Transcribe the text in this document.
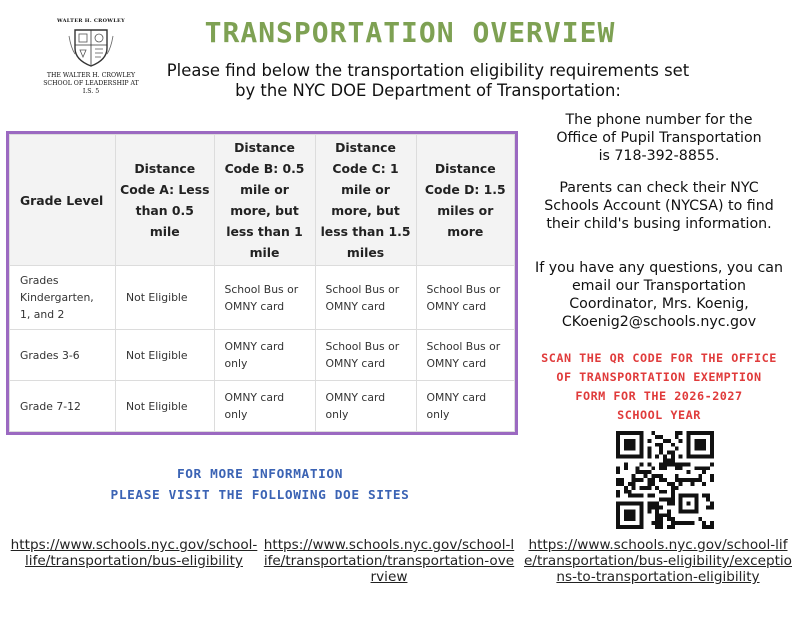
WALTER H. CROWLEY
THE WALTER H. CROWLEY
SCHOOL OF LEADERSHIP AT I.S. 5
TRANSPORTATION OVERVIEW
Please find below the transportation eligibility requirements set
by the NYC DOE Department of Transportation:
Grade Level	Distance Code A: Less than 0.5 mile	Distance Code B: 0.5 mile or more, but less than 1 mile	Distance Code C: 1 mile or more, but less than 1.5 miles	Distance Code D: 1.5 miles or more
Grades Kindergarten, 1, and 2	Not Eligible	School Bus or OMNY card	School Bus or OMNY card	School Bus or OMNY card
Grades 3-6	Not Eligible	OMNY card only	School Bus or OMNY card	School Bus or OMNY card
Grade 7-12	Not Eligible	OMNY card only	OMNY card only	OMNY card only
The phone number for the
Office of Pupil Transportation
is 718-392-8855.
Parents can check their NYC
Schools Account (NYCSA) to find
their child's busing information.
If you have any questions, you can
email our Transportation
Coordinator, Mrs. Koenig,
CKoenig2@schools.nyc.gov
SCAN THE QR CODE FOR THE OFFICE
OF TRANSPORTATION EXEMPTION
FORM FOR THE 2026-2027
SCHOOL YEAR
FOR MORE INFORMATION
PLEASE VISIT THE FOLLOWING DOE SITES
https://www.schools.nyc.gov/school-life/transportation/bus-eligibility
https://www.schools.nyc.gov/school-life/transportation/transportation-overview
https://www.schools.nyc.gov/school-life/transportation/bus-eligibility/exceptions-to-transportation-eligibility
